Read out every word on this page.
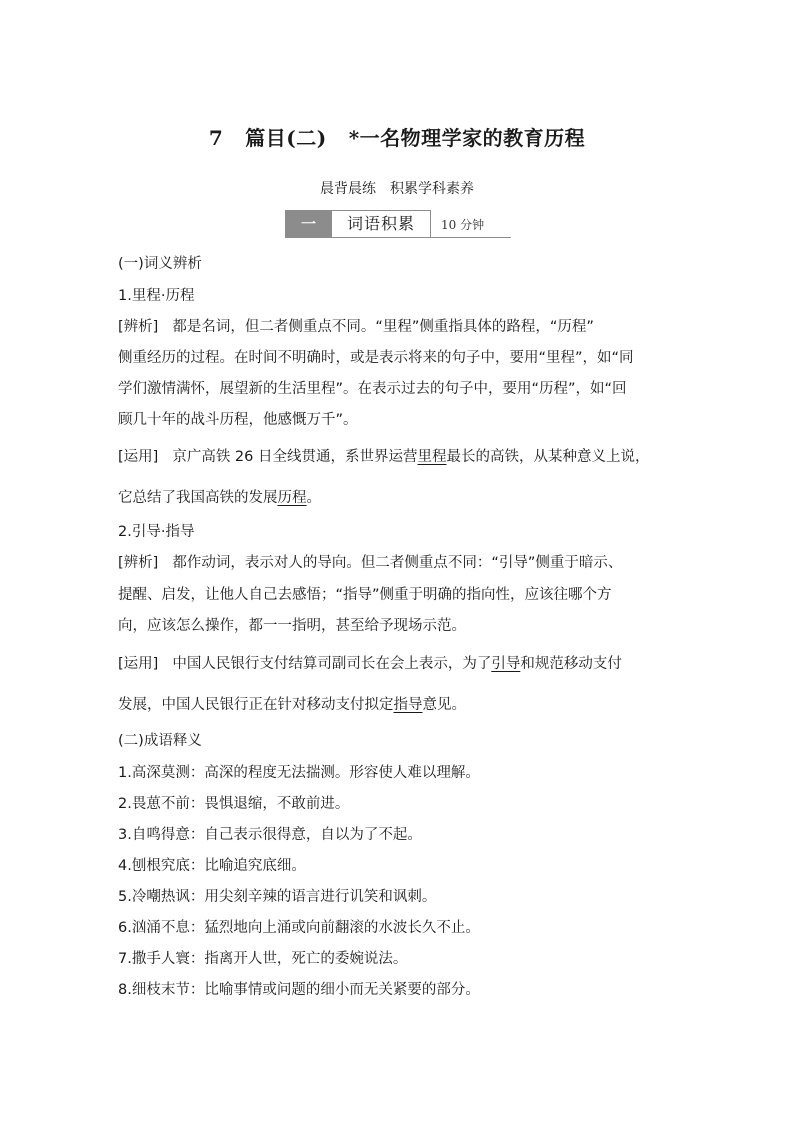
7 篇目(二) *一名物理学家的教育历程
晨背晨练 积累学科素养
一	词语积累	10 分钟
(一)词义辨析
1.里程·历程
[辨析] 都是名词，但二者侧重点不同。“里程”侧重指具体的路程，“历程”
侧重经历的过程。在时间不明确时，或是表示将来的句子中，要用“里程”，如“同
学们激情满怀，展望新的生活里程”。在表示过去的句子中，要用“历程”，如“回
顾几十年的战斗历程，他感慨万千”。
[运用] 京广高铁 26 日全线贯通，系世界运营里程最长的高铁，从某种意义上说，
它总结了我国高铁的发展历程。
2.引导·指导
[辨析] 都作动词，表示对人的导向。但二者侧重点不同：“引导”侧重于暗示、
提醒、启发，让他人自己去感悟；“指导”侧重于明确的指向性，应该往哪个方
向，应该怎么操作，都一一指明，甚至给予现场示范。
[运用] 中国人民银行支付结算司副司长在会上表示，为了引导和规范移动支付
发展，中国人民银行正在针对移动支付拟定指导意见。
(二)成语释义
1.高深莫测：高深的程度无法揣测。形容使人难以理解。
2.畏葸不前：畏惧退缩，不敢前进。
3.自鸣得意：自己表示很得意，自以为了不起。
4.刨根究底：比喻追究底细。
5.冷嘲热讽：用尖刻辛辣的语言进行讥笑和讽刺。
6.汹涌不息：猛烈地向上涌或向前翻滚的水波长久不止。
7.撒手人寰：指离开人世，死亡的委婉说法。
8.细枝末节：比喻事情或问题的细小而无关紧要的部分。
